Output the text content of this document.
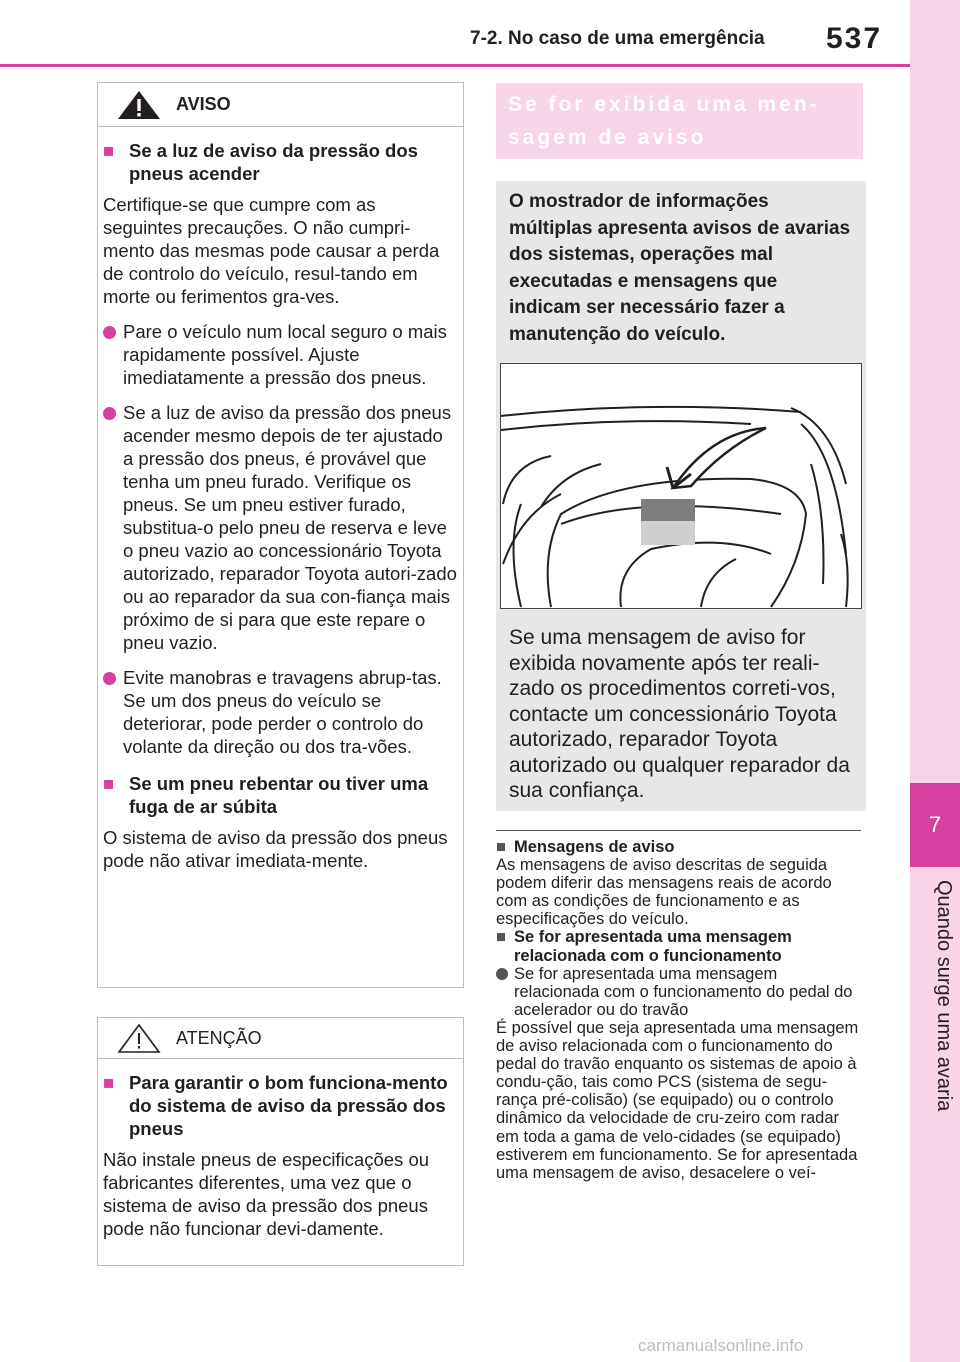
7-2. No caso de uma emergência 537
7
Quando surge uma avaria
AVISO
■ Se a luz de aviso da pressão dos pneus acender
Certifique-se que cumpre com as seguintes precauções. O não cumpri-mento das mesmas pode causar a perda de controlo do veículo, resul-tando em morte ou ferimentos gra-ves.
Pare o veículo num local seguro o mais rapidamente possível. Ajuste imediatamente a pressão dos pneus.
Se a luz de aviso da pressão dos pneus acender mesmo depois de ter ajustado a pressão dos pneus, é provável que tenha um pneu furado. Verifique os pneus. Se um pneu estiver furado, substitua-o pelo pneu de reserva e leve o pneu vazio ao concessionário Toyota autorizado, reparador Toyota autori-zado ou ao reparador da sua con-fiança mais próximo de si para que este repare o pneu vazio.
Evite manobras e travagens abrup-tas. Se um dos pneus do veículo se deteriorar, pode perder o controlo do volante da direção ou dos tra-vões.
■ Se um pneu rebentar ou tiver uma fuga de ar súbita
O sistema de aviso da pressão dos pneus pode não ativar imediata-mente.
ATENÇÃO
■ Para garantir o bom funciona-mento do sistema de aviso da pressão dos pneus
Não instale pneus de especificações ou fabricantes diferentes, uma vez que o sistema de aviso da pressão dos pneus pode não funcionar devi-damente.
Se for exibida uma men-
sagem de aviso
O mostrador de informações múltiplas apresenta avisos de avarias dos sistemas, operações mal executadas e mensagens que indicam ser necessário fazer a manutenção do veículo.
Se uma mensagem de aviso for exibida novamente após ter reali-zado os procedimentos correti-vos, contacte um concessionário Toyota autorizado, reparador Toyota autorizado ou qualquer reparador da sua confiança.
■ Mensagens de aviso
As mensagens de aviso descritas de seguida podem diferir das mensagens reais de acordo com as condições de funcionamento e as especificações do veículo.
■ Se for apresentada uma mensagem relacionada com o funcionamento
Se for apresentada uma mensagem relacionada com o funcionamento do pedal do acelerador ou do travão
É possível que seja apresentada uma mensagem de aviso relacionada com o funcionamento do pedal do travão enquanto os sistemas de apoio à condu-ção, tais como PCS (sistema de segu-rança pré-colisão) (se equipado) ou o controlo dinâmico da velocidade de cru-zeiro com radar em toda a gama de velo-cidades (se equipado) estiverem em funcionamento. Se for apresentada uma mensagem de aviso, desacelere o veí-
carmanualsonline.info
